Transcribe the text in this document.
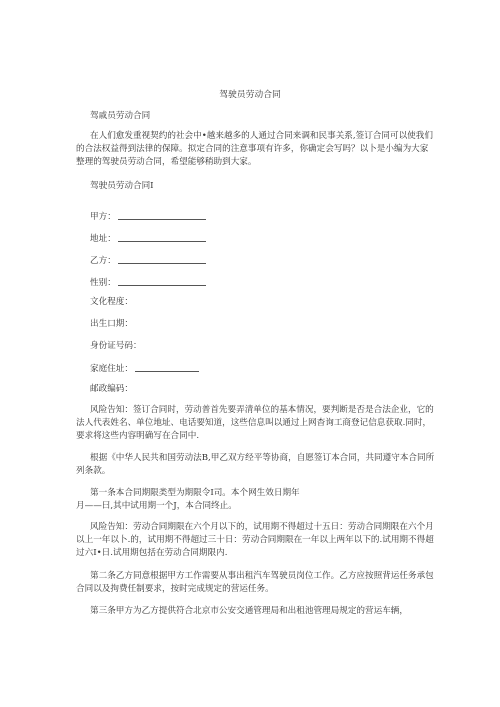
驾驶员劳动合同

驾戚员劳动合同

在人们愈发重视契约的社会中•越来越多的人通过合同来调和民事关系,签订合同可以使我们的合法权益得到法律的保障。拟定合同的注意事项有许多，你确定会写吗？以卜是小编为大家整理的驾驶员劳动合同，希望能够稍助到大家。

驾驶员劳动合同I

甲方：

地址：

乙方：

性别：

文化程度：

出生口期：

身份证号码：

家庭住址：

邮政编码：

风险告知：签订合同时，劳动普首先要弄清单位的基本情况，要判断是否是合法企业，它的法人代表姓名、单位地址、电话要知道，这些信息叫以通过上网杳询工商登记信息获取.同时，要求将这些内容明确写在合同中.

根据《中华人民共和国劳动法B,甲乙双方经平等协商，自愿签订本合同，共同遵守本合同所列条款。

第一条本合同期限类型为期限令I司。本个网生效日期年

月——曰,其中试用期一个J，本合同终止。

风险告知：劳动合同期限在六个月以下的，试用期不得超过十五日：劳动合同期限在六个月以上一年以卜.的，试用期不得超过三十日：劳动合同期限在一年以上两年以下的.试用期不得超过六I•日.试用期包括在劳动合同期限内.

第二条乙方同意根据甲方工作需要从事出租汽车驾驶员岗位工作。乙方应按照背运任务承包合同以及拘费任制要求，按时完成规定的营运任务。

第三条甲方为乙方提供符合北京市公安交通管理局和出租池管理局规定的营运车辆，
